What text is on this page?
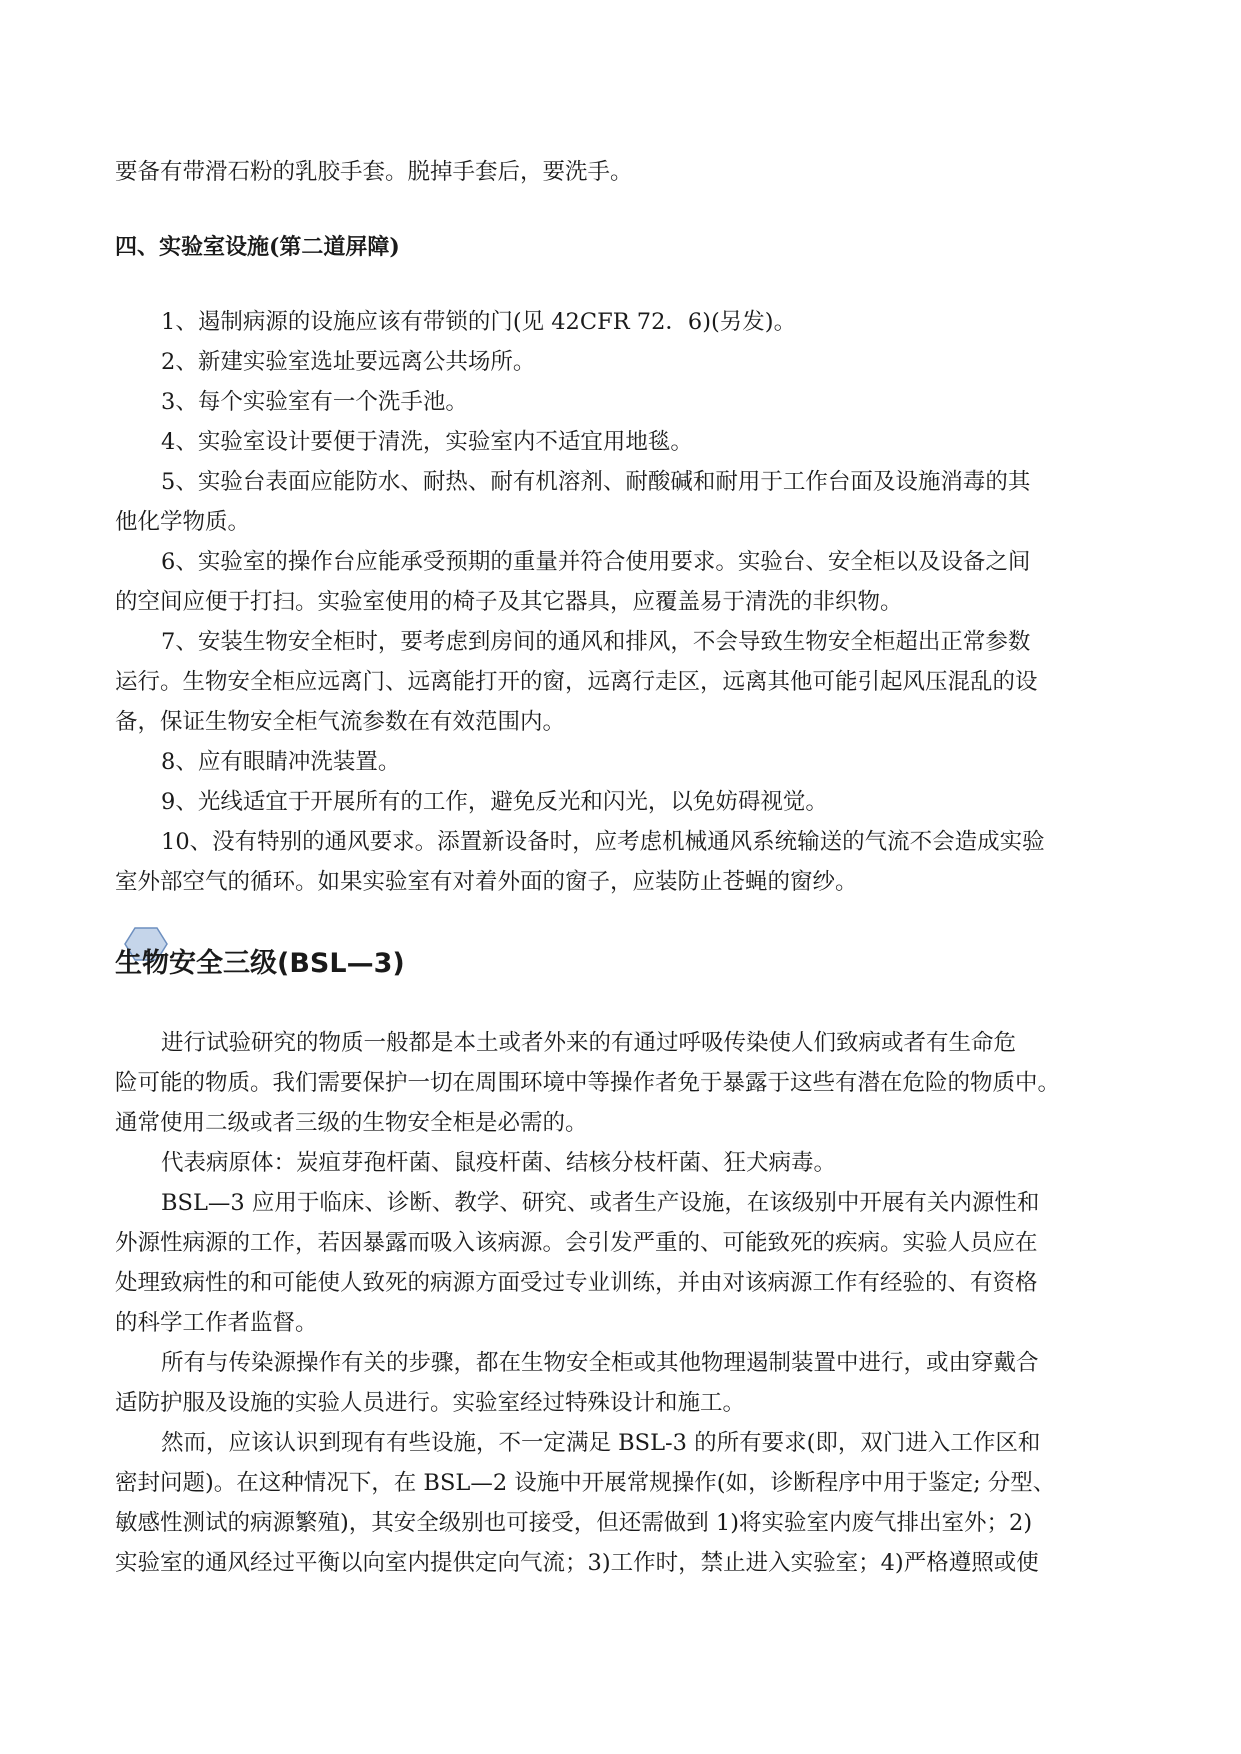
要备有带滑石粉的乳胶手套。脱掉手套后，要洗手。
四、实验室设施(第二道屏障)
1、遏制病源的设施应该有带锁的门(见 42CFR 72．6)(另发)。
2、新建实验室选址要远离公共场所。
3、每个实验室有一个洗手池。
4、实验室设计要便于清洗，实验室内不适宜用地毯。
5、实验台表面应能防水、耐热、耐有机溶剂、耐酸碱和耐用于工作台面及设施消毒的其
他化学物质。
6、实验室的操作台应能承受预期的重量并符合使用要求。实验台、安全柜以及设备之间
的空间应便于打扫。实验室使用的椅子及其它器具，应覆盖易于清洗的非织物。
7、安装生物安全柜时，要考虑到房间的通风和排风，不会导致生物安全柜超出正常参数
运行。生物安全柜应远离门、远离能打开的窗，远离行走区，远离其他可能引起风压混乱的设
备，保证生物安全柜气流参数在有效范围内。
8、应有眼睛冲洗装置。
9、光线适宜于开展所有的工作，避免反光和闪光，以免妨碍视觉。
10、没有特别的通风要求。添置新设备时，应考虑机械通风系统输送的气流不会造成实验
室外部空气的循环。如果实验室有对着外面的窗子，应装防止苍蝇的窗纱。
生物安全三级(BSL—3)
进行试验研究的物质一般都是本土或者外来的有通过呼吸传染使人们致病或者有生命危
险可能的物质。我们需要保护一切在周围环境中等操作者免于暴露于这些有潜在危险的物质中。
通常使用二级或者三级的生物安全柜是必需的。
代表病原体：炭疽芽孢杆菌、鼠疫杆菌、结核分枝杆菌、狂犬病毒。
BSL—3 应用于临床、诊断、教学、研究、或者生产设施，在该级别中开展有关内源性和
外源性病源的工作，若因暴露而吸入该病源。会引发严重的、可能致死的疾病。实验人员应在
处理致病性的和可能使人致死的病源方面受过专业训练，并由对该病源工作有经验的、有资格
的科学工作者监督。
所有与传染源操作有关的步骤，都在生物安全柜或其他物理遏制装置中进行，或由穿戴合
适防护服及设施的实验人员进行。实验室经过特殊设计和施工。
然而，应该认识到现有有些设施，不一定满足 BSL-3 的所有要求(即，双门进入工作区和
密封问题)。在这种情况下，在 BSL—2 设施中开展常规操作(如，诊断程序中用于鉴定; 分型、
敏感性测试的病源繁殖)，其安全级别也可接受，但还需做到 1)将实验室内废气排出室外；2)
实验室的通风经过平衡以向室内提供定向气流；3)工作时，禁止进入实验室；4)严格遵照或使
